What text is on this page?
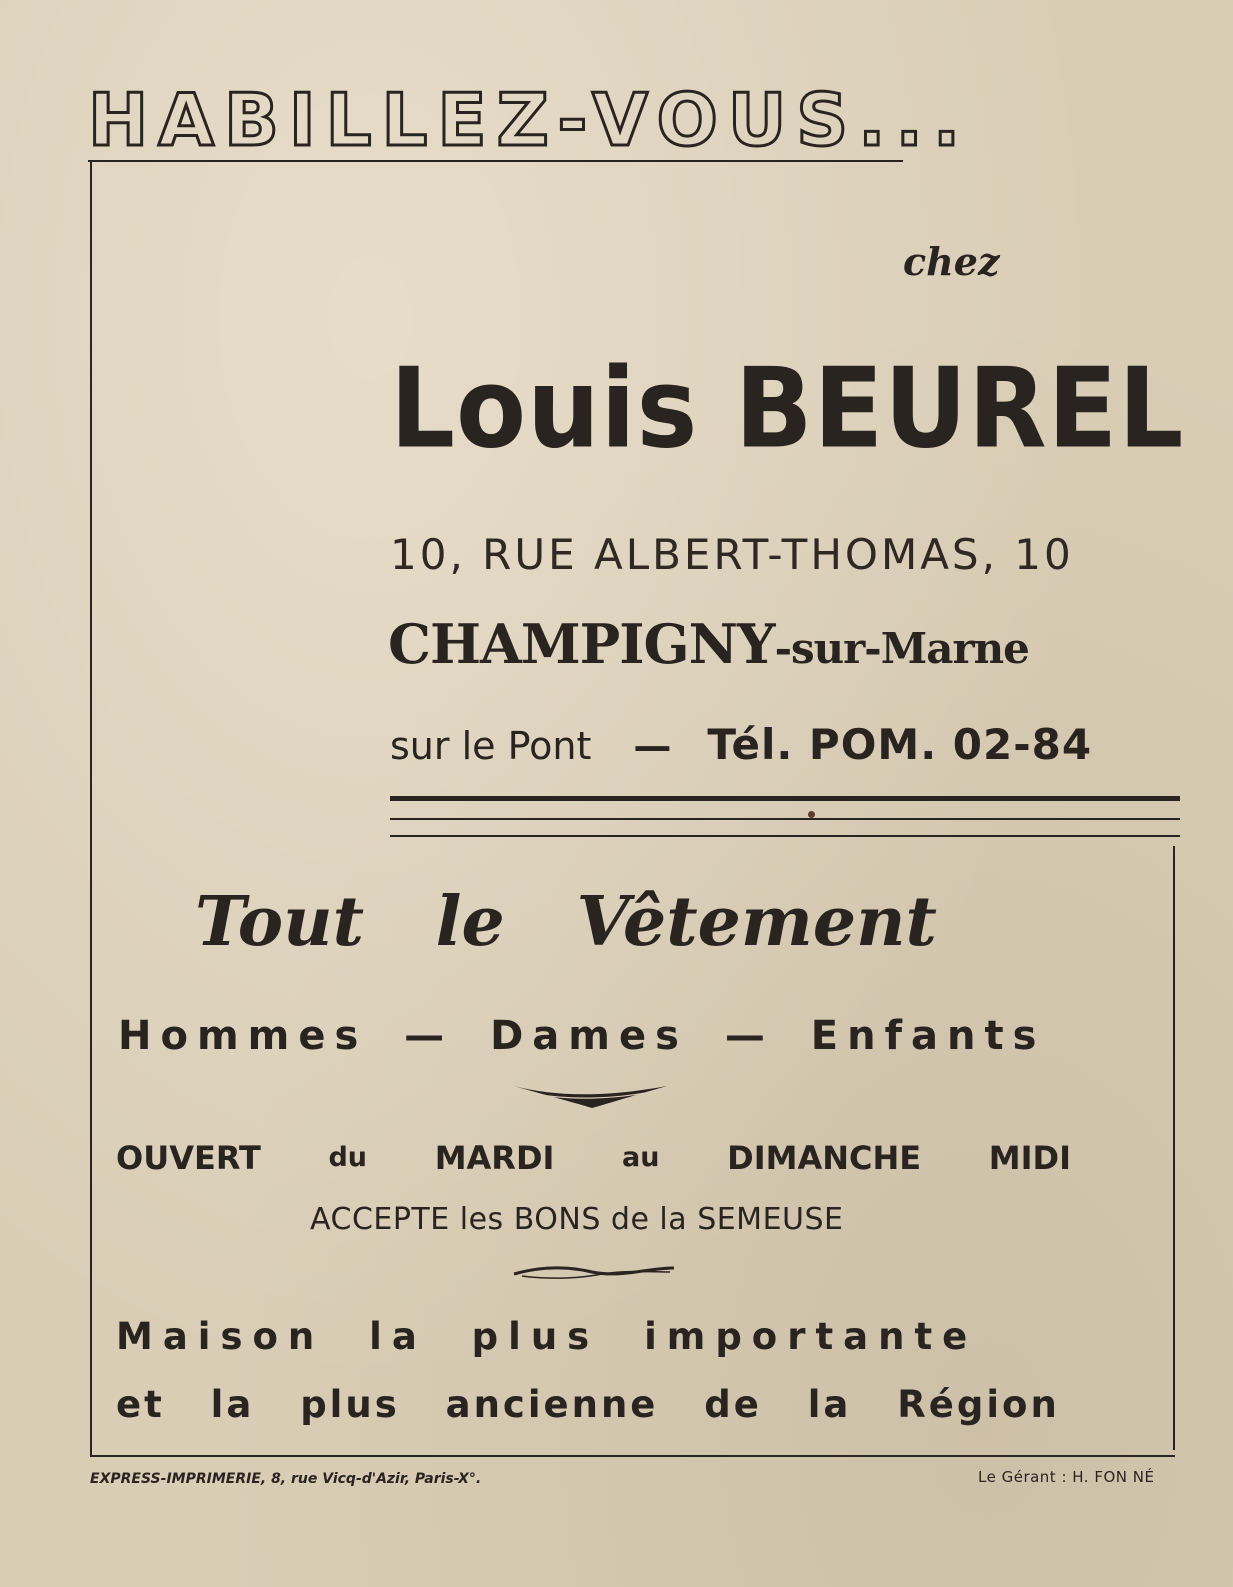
HABILLEZ-VOUS...
chez
Louis BEUREL
10, RUE ALBERT-THOMAS, 10
CHAMPIGNY-sur-Marne
sur le Pont — Tél. POM. 02-84
Tout le Vêtement
Hommes — Dames — Enfants
OUVERT	du MARDI	au DIMANCHE MIDI
ACCEPTE les BONS de la SEMEUSE
Maison la plus importante
et la plus ancienne de la Région
EXPRESS-IMPRIMERIE, 8, rue Vicq-d'Azir, Paris-X°.	Le Gérant : H. FON NÉ
